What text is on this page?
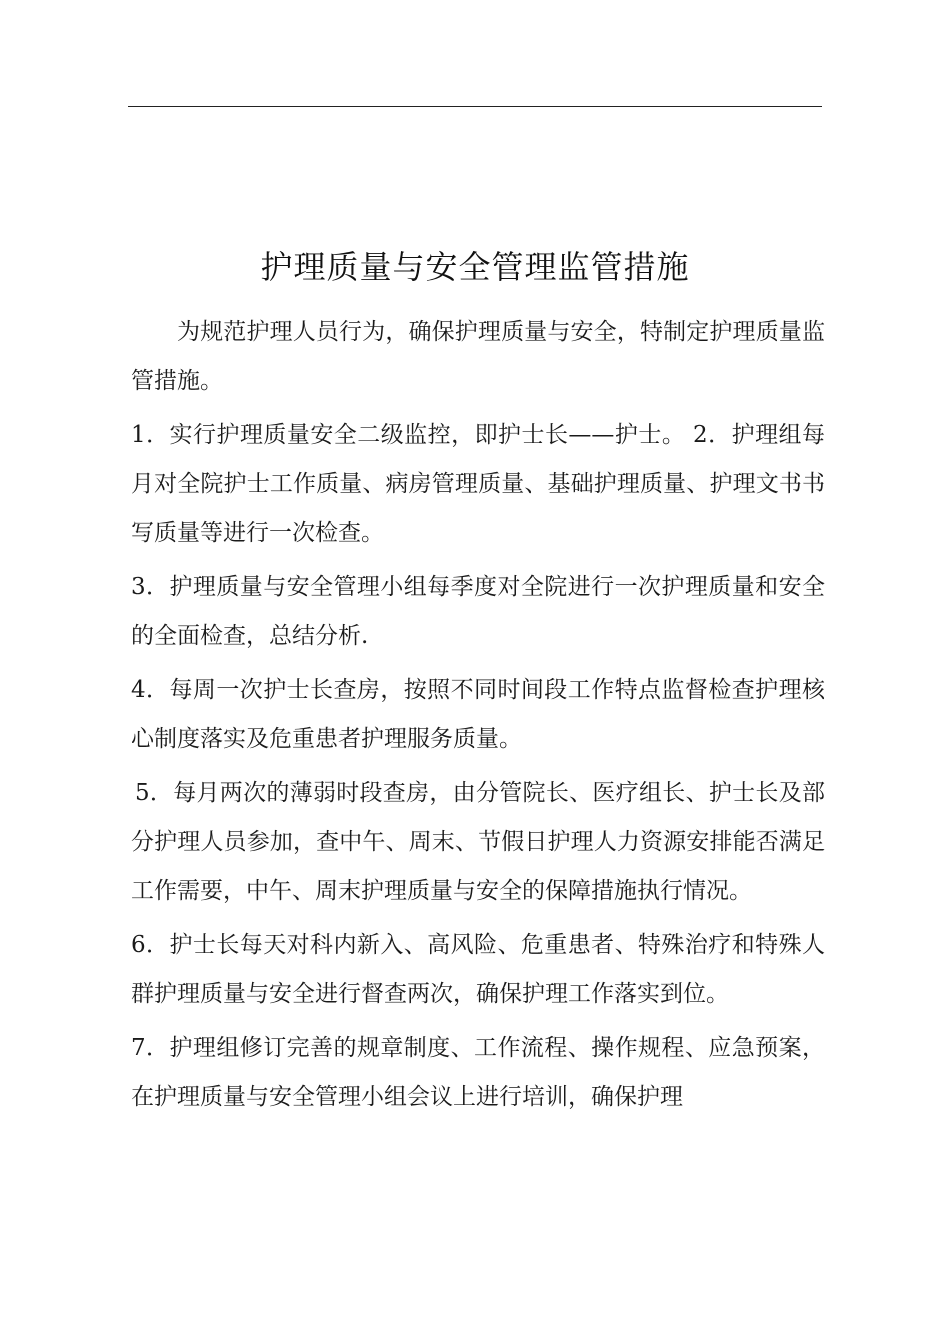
护理质量与安全管理监管措施

为规范护理人员行为，确保护理质量与安全，特制定护理质量监管措施。

1．实行护理质量安全二级监控，即护士长——护士。 2．护理组每月对全院护士工作质量、病房管理质量、基础护理质量、护理文书书写质量等进行一次检查。

3．护理质量与安全管理小组每季度对全院进行一次护理质量和安全的全面检查，总结分析.

4．每周一次护士长查房，按照不同时间段工作特点监督检查护理核心制度落实及危重患者护理服务质量。

5．每月两次的薄弱时段查房，由分管院长、医疗组长、护士长及部分护理人员参加，查中午、周末、节假日护理人力资源安排能否满足工作需要，中午、周末护理质量与安全的保障措施执行情况。

6．护士长每天对科内新入、高风险、危重患者、特殊治疗和特殊人群护理质量与安全进行督查两次，确保护理工作落实到位。

7．护理组修订完善的规章制度、工作流程、操作规程、应急预案，在护理质量与安全管理小组会议上进行培训，确保护理
